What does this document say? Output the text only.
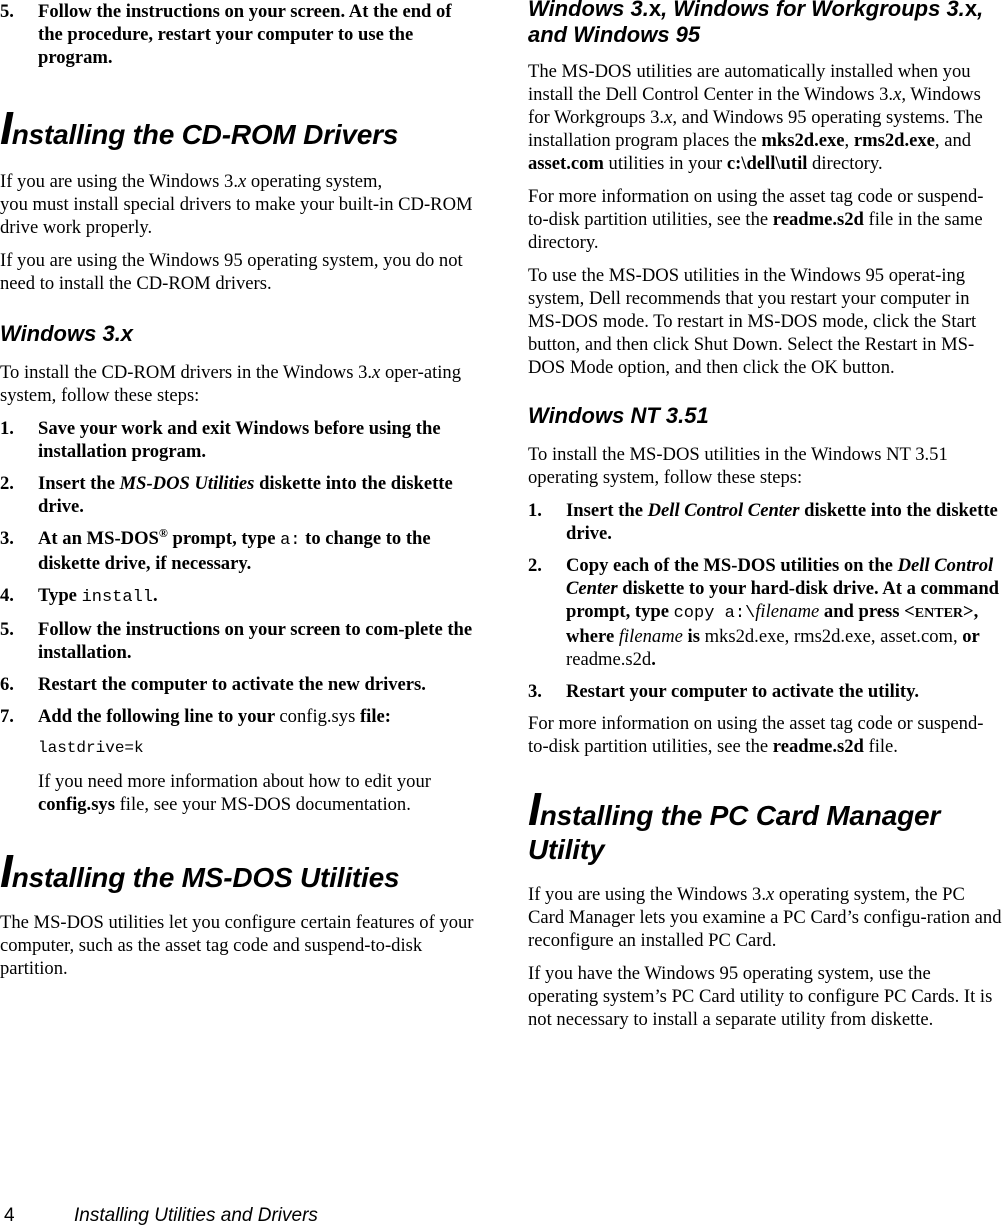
5. Follow the instructions on your screen. At the end of the procedure, restart your computer to use the program.
Installing the CD-ROM Drivers

If you are using the Windows 3.x operating system,
you must install special drivers to make your built-in CD-ROM drive work properly.

If you are using the Windows 95 operating system, you do not need to install the CD-ROM drivers.

Windows 3.x

To install the CD-ROM drivers in the Windows 3.x oper-ating system, follow these steps:

1. Save your work and exit Windows before using the installation program.
2. Insert the MS-DOS Utilities diskette into the diskette drive.
3. At an MS-DOS® prompt, type a: to change to the diskette drive, if necessary.
4. Type install.
5. Follow the instructions on your screen to com-plete the installation.
6. Restart the computer to activate the new drivers.
7. Add the following line to your config.sys file:
lastdrive=k
If you need more information about how to edit your config.sys file, see your MS-DOS documentation.
Installing the MS-DOS Utilities

The MS-DOS utilities let you configure certain features of your computer, such as the asset tag code and suspend-to-disk partition.

Windows 3.x, Windows for Workgroups 3.x, and Windows 95

The MS-DOS utilities are automatically installed when you install the Dell Control Center in the Windows 3.x, Windows for Workgroups 3.x, and Windows 95 operating systems. The installation program places the mks2d.exe, rms2d.exe, and asset.com utilities in your c:\dell\util directory.

For more information on using the asset tag code or suspend-to-disk partition utilities, see the readme.s2d file in the same directory.

To use the MS-DOS utilities in the Windows 95 operat-ing system, Dell recommends that you restart your computer in MS-DOS mode. To restart in MS-DOS mode, click the Start button, and then click Shut Down. Select the Restart in MS-DOS Mode option, and then click the OK button.

Windows NT 3.51

To install the MS-DOS utilities in the Windows NT 3.51 operating system, follow these steps:

1. Insert the Dell Control Center diskette into the diskette drive.
2. Copy each of the MS-DOS utilities on the Dell Control Center diskette to your hard-disk drive. At a command prompt, type copy a:\filename and press <ENTER>, where filename is mks2d.exe, rms2d.exe, asset.com, or readme.s2d.
3. Restart your computer to activate the utility.

For more information on using the asset tag code or suspend-to-disk partition utilities, see the readme.s2d file.

Installing the PC Card Manager Utility

If you are using the Windows 3.x operating system, the PC Card Manager lets you examine a PC Card’s configu-ration and reconfigure an installed PC Card.

If you have the Windows 95 operating system, use the operating system’s PC Card utility to configure PC Cards. It is not necessary to install a separate utility from diskette.

4	Installing Utilities and Drivers
